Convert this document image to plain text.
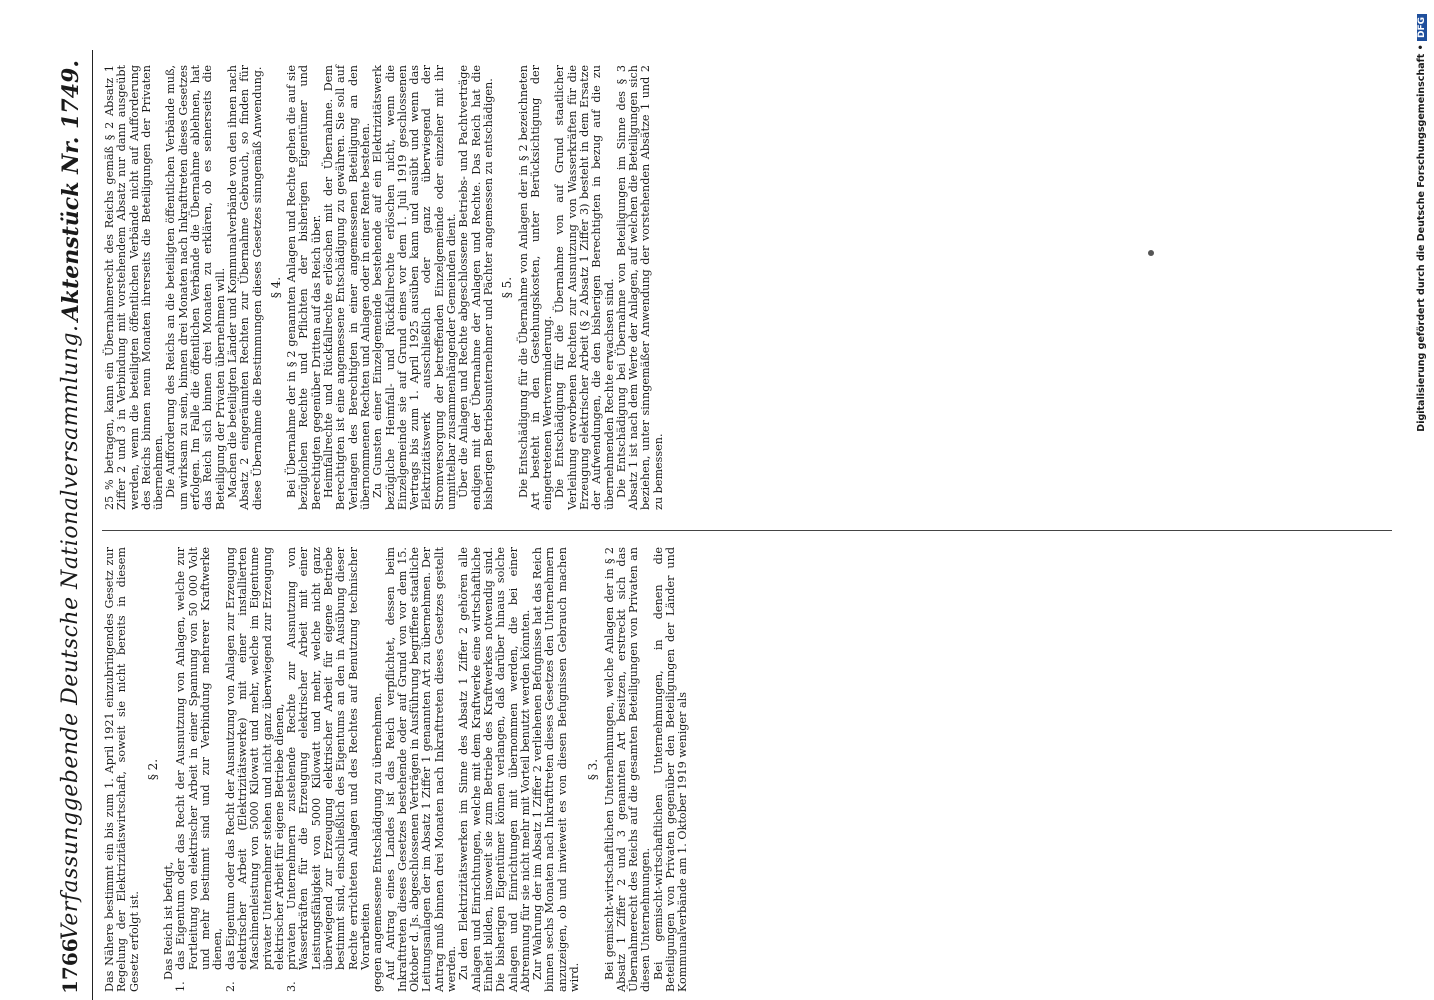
1766
Verfassunggebende Deutsche Nationalversammlung.
Aktenstück Nr. 1749.

Das Nähere bestimmt ein bis zum 1. April 1921 einzubringendes Gesetz zur Regelung der Elektrizitätswirtschaft, soweit sie nicht bereits in diesem Gesetz erfolgt ist.

§ 2.

Das Reich ist befugt,

1.
das Eigentum oder das Recht der Ausnutzung von Anlagen, welche zur Fortleitung von elektrischer Arbeit in einer Spannung von 50 000 Volt und mehr bestimmt sind und zur Verbindung mehrerer Kraftwerke dienen,
2.
das Eigentum oder das Recht der Ausnutzung von Anlagen zur Erzeugung elektrischer Arbeit (Elektrizitätswerke) mit einer installierten Maschinenleistung von 5000 Kilowatt und mehr, welche im Eigentume privater Unternehmer stehen und nicht ganz überwiegend zur Erzeugung elektrischer Arbeit für eigene Betriebe dienen,
3.
privaten Unternehmern zustehende Rechte zur Ausnutzung von Wasserkräften für die Erzeugung elektrischer Arbeit mit einer Leistungsfähigkeit von 5000 Kilowatt und mehr, welche nicht ganz überwiegend zur Erzeugung elektrischer Arbeit für eigene Betriebe bestimmt sind, einschließlich des Eigentums an den in Ausübung dieser Rechte errichteten Anlagen und des Rechtes auf Benutzung technischer Vorarbeiten gegen angemessene Entschädigung zu übernehmen. Auf Antrag eines Landes ist das Reich verpflichtet, dessen beim Inkrafttreten dieses Gesetzes bestehende oder auf Grund von vor dem 15. Oktober d. Js. abgeschlossenen Verträgen in Ausführung begriffene staatliche Leitungsanlagen der im Absatz 1 Ziffer 1 genannten Art zu übernehmen. Der Antrag muß binnen drei Monaten nach Inkrafttreten dieses Gesetzes gestellt werden. Zu den Elektrizitätswerken im Sinne des Absatz 1 Ziffer 2 gehören alle Anlagen und Einrichtungen, welche mit dem Kraftwerke eine wirtschaftliche Einheit bilden, insoweit sie zum Betriebe des Kraftwerkes notwendig sind. Die bisherigen Eigentümer können verlangen, daß darüber hinaus solche Anlagen und Einrichtungen mit übernommen werden, die bei einer Abtrennung für sie nicht mehr mit Vorteil benutzt werden könnten. Zur Wahrung der im Absatz 1 Ziffer 2 verliehenen Befugnisse hat das Reich binnen sechs Monaten nach Inkrafttreten dieses Gesetzes den Unternehmern anzuzeigen, ob und inwieweit es von diesen Befugnissen Gebrauch machen wird.

§ 3. Bei gemischt-wirtschaftlichen Unternehmungen, welche Anlagen der in § 2 Absatz 1 Ziffer 2 und 3 genannten Art besitzen, erstreckt sich das Übernahmerecht des Reichs auf die gesamten Beteiligungen von Privaten an diesen Unternehmungen. Bei gemischt-wirtschaftlichen Unternehmungen, in denen die Beteiligungen von Privaten gegenüber den Beteiligungen der Länder und Kommunalverbände am 1. Oktober 1919 weniger als

25 % betragen, kann ein Übernahmerecht des Reichs gemäß § 2 Absatz 1 Ziffer 2 und 3 in Verbindung mit vorstehendem Absatz nur dann ausgeübt werden, wenn die beteiligten öffentlichen Verbände nicht auf Aufforderung des Reichs binnen neun Monaten ihrerseits die Beteiligungen der Privaten übernehmen. Die Aufforderung des Reichs an die beteiligten öffentlichen Verbände muß, um wirksam zu sein, binnen drei Monaten nach Inkrafttreten dieses Gesetzes erfolgen. Im Falle die öffentlichen Verbände die Übernahme ablehnen, hat das Reich sich binnen drei Monaten zu erklären, ob es seinerseits die Beteiligung der Privaten übernehmen will. Machen die beteiligten Länder und Kommunalverbände von den ihnen nach Absatz 2 eingeräumten Rechten zur Übernahme Gebrauch, so finden für diese Übernahme die Bestimmungen dieses Gesetzes sinngemäß Anwendung. § 4. Bei Übernahme der in § 2 genannten Anlagen und Rechte gehen die auf sie bezüglichen Rechte und Pflichten der bisherigen Eigentümer und Berechtigten gegenüber Dritten auf das Reich über. Heimfallrechte und Rückfallrechte erlöschen mit der Übernahme. Dem Berechtigten ist eine angemessene Entschädigung zu gewähren. Sie soll auf Verlangen des Berechtigten in einer angemessenen Beteiligung an den übernommenen Rechten und Anlagen oder in einer Rente bestehen. Zu Gunsten einer Einzelgemeinde bestehende auf ein Elektrizitätswerk bezügliche Heimfall- und Rückfallrechte erlöschen nicht, wenn die Einzelgemeinde sie auf Grund eines vor dem 1. Juli 1919 geschlossenen Vertrags bis zum 1. April 1925 ausüben kann und ausübt und wenn das Elektrizitätswerk ausschließlich oder ganz überwiegend der Stromversorgung der betreffenden Einzelgemeinde oder einzelner mit ihr unmittelbar zusammenhängender Gemeinden dient. Über die Anlagen und Rechte abgeschlossene Betriebs- und Pachtverträge endigen mit der Übernahme der Anlagen und Rechte. Das Reich hat die bisherigen Betriebsunternehmer und Pächter angemessen zu entschädigen. § 5. Die Entschädigung für die Übernahme von Anlagen der in § 2 bezeichneten Art besteht in den Gestehungskosten, unter Berücksichtigung der eingetretenen Wertverminderung. Die Entschädigung für die Übernahme von auf Grund staatlicher Verleihung erworbenen Rechten zur Ausnutzung von Wasserkräften für die Erzeugung elektrischer Arbeit (§ 2 Absatz 1 Ziffer 3) besteht in dem Ersatze der Aufwendungen, die den bisherigen Berechtigten in bezug auf die zu übernehmenden Rechte erwachsen sind. Die Entschädigung bei Übernahme von Beteiligungen im Sinne des § 3 Absatz 1 ist nach dem Werte der Anlagen, auf welchen die Beteiligungen sich beziehen, unter sinngemäßer Anwendung der vorstehenden Absätze 1 und 2 zu bemessen.

Digitalisierung gefördert durch die Deutsche Forschungsgemeinschaft • DFG
